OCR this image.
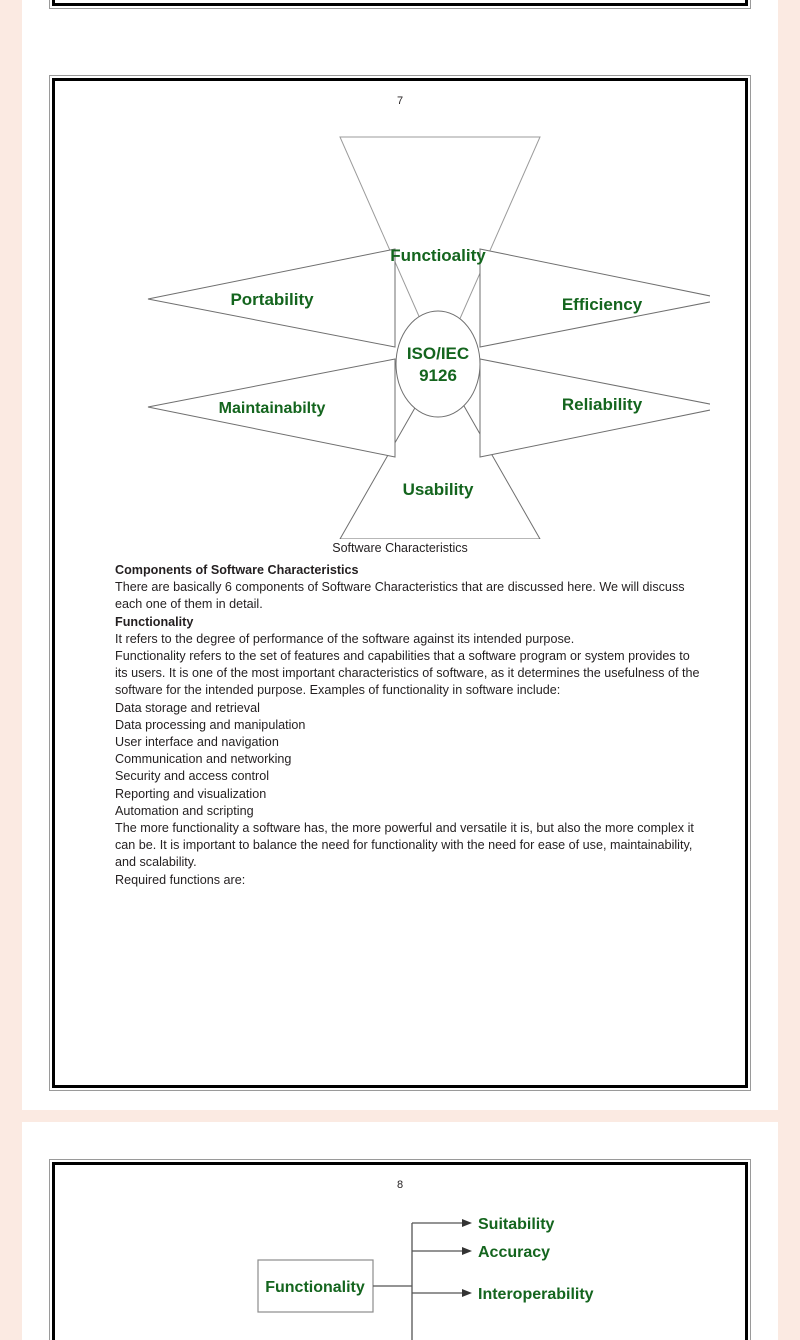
7
Functioality
Portability
Maintainabilty
Efficiency
Reliability
Usability
ISO/IEC
9126
Software Characteristics

Components of Software Characteristics

There are basically 6 components of Software Characteristics that are discussed here. We will discuss each one of them in detail.

Functionality

It refers to the degree of performance of the software against its intended purpose.

Functionality refers to the set of features and capabilities that a software program or system provides to its users. It is one of the most important characteristics of software, as it determines the usefulness of the software for the intended purpose. Examples of functionality in software include:

Data storage and retrieval

Data processing and manipulation

User interface and navigation

Communication and networking

Security and access control

Reporting and visualization

Automation and scripting

The more functionality a software has, the more powerful and versatile it is, but also the more complex it can be. It is important to balance the need for functionality with the need for ease of use, maintainability, and scalability.

Required functions are:

8
Functionality
Suitability
Accuracy
Interoperability
